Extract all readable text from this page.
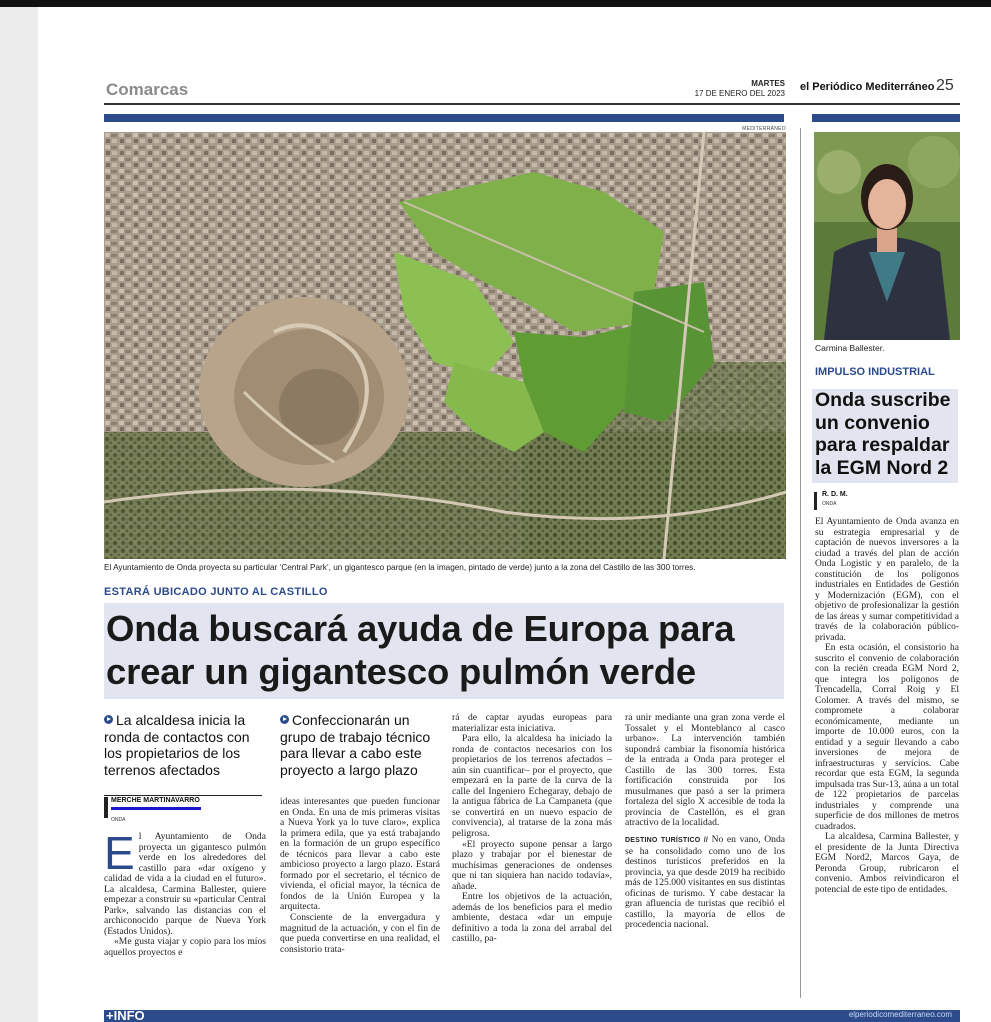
Comarcas	MARTES
17 DE ENERO DEL 2023
el Periódico Mediterráneo 25
MEDITERRÁNEO
El Ayuntamiento de Onda proyecta su particular ‘Central Park’, un gigantesco parque (en la imagen, pintado de verde) junto a la zona del Castillo de las 300 torres.
ESTARÁ UBICADO JUNTO AL CASTILLO
Onda buscará ayuda de Europa para
crear un gigantesco pulmón verde
La alcaldesa inicia la ronda de contactos con los propietarios de los terrenos afectados
Confeccionarán un grupo de trabajo técnico para llevar a cabo este proyecto a largo plazo
MERCHE MARTINAVARRO
ONDA
E l Ayuntamiento de Onda proyecta un gigantesco pulmón verde en los alrededores del castillo para «dar oxígeno y calidad de vida a la ciudad en el futuro». La alcaldesa, Carmina Ballester, quiere empezar a construir su «particular Central Park», salvando las distancias con el archiconocido parque de Nueva York (Estados Unidos).

«Me gusta viajar y copio para los míos aquellos proyectos e

ideas interesantes que pueden funcionar en Onda. En una de mis primeras visitas a Nueva York ya lo tuve claro», explica la primera edila, que ya está trabajando en la formación de un grupo específico de técnicos para llevar a cabo este ambicioso proyecto a largo plazo. Estará formado por el secretario, el técnico de vivienda, el oficial mayor, la técnica de fondos de la Unión Europea y la arquitecta.

Consciente de la envergadura y magnitud de la actuación, y con el fin de que pueda convertirse en una realidad, el consistorio trata-

rá de captar ayudas europeas para materializar esta iniciativa.

Para ello, la alcaldesa ha iniciado la ronda de contactos necesarios con los propietarios de los terrenos afectados –aún sin cuantificar– por el proyecto, que empezará en la parte de la curva de la calle del Ingeniero Echegaray, debajo de la antigua fábrica de La Campaneta (que se convertirá en un nuevo espacio de convivencia), al tratarse de la zona más peligrosa.

«El proyecto supone pensar a largo plazo y trabajar por el bienestar de muchísimas generaciones de ondenses que ni tan siquiera han nacido todavía», añade.

Entre los objetivos de la actuación, además de los beneficios para el medio ambiente, destaca «dar un empuje definitivo a toda la zona del arrabal del castillo, pa-

ra unir mediante una gran zona verde el Tossalet y el Monteblanco al casco urbano». La intervención también supondrá cambiar la fisonomía histórica de la entrada a Onda para proteger el Castillo de las 300 torres. Esta fortificación construida por los musulmanes que pasó a ser la primera fortaleza del siglo X accesible de toda la provincia de Castellón, es el gran atractivo de la localidad.

DESTINO TURÍSTICO // No en vano, Onda se ha consolidado como uno de los destinos turísticos preferidos en la provincia, ya que desde 2019 ha recibido más de 125.000 visitantes en sus distintas oficinas de turismo. Y cabe destacar la gran afluencia de turistas que recibió el castillo, la mayoría de ellos de procedencia nacional.

Carmina Ballester.
IMPULSO INDUSTRIAL
Onda suscribe un convenio para respaldar la EGM Nord 2
R. D. M.
ONDA

El Ayuntamiento de Onda avanza en su estrategia empresarial y de captación de nuevos inversores a la ciudad a través del plan de acción Onda Logistic y en paralelo, de la constitución de los polígonos industriales en Entidades de Gestión y Modernización (EGM), con el objetivo de profesionalizar la gestión de las áreas y sumar competitividad a través de la colaboración público-privada.

En esta ocasión, el consistorio ha suscrito el convenio de colaboración con la recién creada EGM Nord 2, que integra los polígonos de Trencadella, Corral Roig y El Colomer. A través del mismo, se compromete a colaborar económicamente, mediante un importe de 10.000 euros, con la entidad y a seguir llevando a cabo inversiones de mejora de infraestructuras y servicios. Cabe recordar que esta EGM, la segunda impulsada tras Sur-13, aúna a un total de 122 propietarios de parcelas industriales y comprende una superficie de dos millones de metros cuadrados.

La alcaldesa, Carmina Ballester, y el presidente de la Junta Directiva EGM Nord2, Marcos Gaya, de Peronda Group, rubricaron el convenio. Ambos reivindicaron el potencial de este tipo de entidades.

+INFO	elperiodicomediterraneo.com
